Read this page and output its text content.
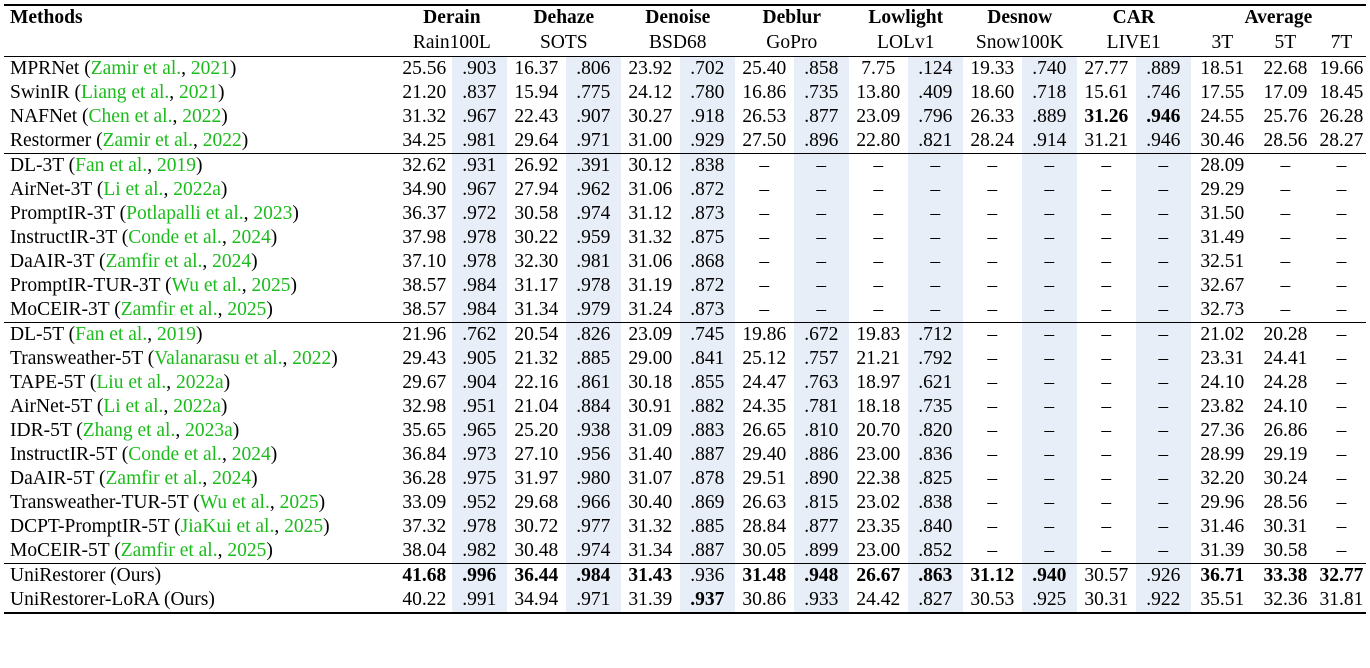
Methods	Derain		Dehaze		Denoise		Deblur		Lowlight		Desnow		CAR		Average		
	Rain100L		SOTS		BSD68		GoPro		LOLv1		Snow100K		LIVE1		3T	5T	7T
MPRNet (Zamir et al., 2021)	25.56	.903	16.37	.806	23.92	.702	25.40	.858	7.75	.124	19.33	.740	27.77	.889	18.51	22.68	19.66
SwinIR (Liang et al., 2021)	21.20	.837	15.94	.775	24.12	.780	16.86	.735	13.80	.409	18.60	.718	15.61	.746	17.55	17.09	18.45
NAFNet (Chen et al., 2022)	31.32	.967	22.43	.907	30.27	.918	26.53	.877	23.09	.796	26.33	.889	31.26	.946	24.55	25.76	26.28
Restormer (Zamir et al., 2022)	34.25	.981	29.64	.971	31.00	.929	27.50	.896	22.80	.821	28.24	.914	31.21	.946	30.46	28.56	28.27
DL-3T (Fan et al., 2019)	32.62	.931	26.92	.391	30.12	.838	–	–	–	–	–	–	–	–	28.09	–	–
AirNet-3T (Li et al., 2022a)	34.90	.967	27.94	.962	31.06	.872	–	–	–	–	–	–	–	–	29.29	–	–
PromptIR-3T (Potlapalli et al., 2023)	36.37	.972	30.58	.974	31.12	.873	–	–	–	–	–	–	–	–	31.50	–	–
InstructIR-3T (Conde et al., 2024)	37.98	.978	30.22	.959	31.32	.875	–	–	–	–	–	–	–	–	31.49	–	–
DaAIR-3T (Zamfir et al., 2024)	37.10	.978	32.30	.981	31.06	.868	–	–	–	–	–	–	–	–	32.51	–	–
PromptIR-TUR-3T (Wu et al., 2025)	38.57	.984	31.17	.978	31.19	.872	–	–	–	–	–	–	–	–	32.67	–	–
MoCEIR-3T (Zamfir et al., 2025)	38.57	.984	31.34	.979	31.24	.873	–	–	–	–	–	–	–	–	32.73	–	–
DL-5T (Fan et al., 2019)	21.96	.762	20.54	.826	23.09	.745	19.86	.672	19.83	.712	–	–	–	–	21.02	20.28	–
Transweather-5T (Valanarasu et al., 2022)	29.43	.905	21.32	.885	29.00	.841	25.12	.757	21.21	.792	–	–	–	–	23.31	24.41	–
TAPE-5T (Liu et al., 2022a)	29.67	.904	22.16	.861	30.18	.855	24.47	.763	18.97	.621	–	–	–	–	24.10	24.28	–
AirNet-5T (Li et al., 2022a)	32.98	.951	21.04	.884	30.91	.882	24.35	.781	18.18	.735	–	–	–	–	23.82	24.10	–
IDR-5T (Zhang et al., 2023a)	35.65	.965	25.20	.938	31.09	.883	26.65	.810	20.70	.820	–	–	–	–	27.36	26.86	–
InstructIR-5T (Conde et al., 2024)	36.84	.973	27.10	.956	31.40	.887	29.40	.886	23.00	.836	–	–	–	–	28.99	29.19	–
DaAIR-5T (Zamfir et al., 2024)	36.28	.975	31.97	.980	31.07	.878	29.51	.890	22.38	.825	–	–	–	–	32.20	30.24	–
Transweather-TUR-5T (Wu et al., 2025)	33.09	.952	29.68	.966	30.40	.869	26.63	.815	23.02	.838	–	–	–	–	29.96	28.56	–
DCPT-PromptIR-5T (JiaKui et al., 2025)	37.32	.978	30.72	.977	31.32	.885	28.84	.877	23.35	.840	–	–	–	–	31.46	30.31	–
MoCEIR-5T (Zamfir et al., 2025)	38.04	.982	30.48	.974	31.34	.887	30.05	.899	23.00	.852	–	–	–	–	31.39	30.58	–
UniRestorer (Ours)	41.68	.996	36.44	.984	31.43	.936	31.48	.948	26.67	.863	31.12	.940	30.57	.926	36.71	33.38	32.77
UniRestorer-LoRA (Ours)	40.22	.991	34.94	.971	31.39	.937	30.86	.933	24.42	.827	30.53	.925	30.31	.922	35.51	32.36	31.81
